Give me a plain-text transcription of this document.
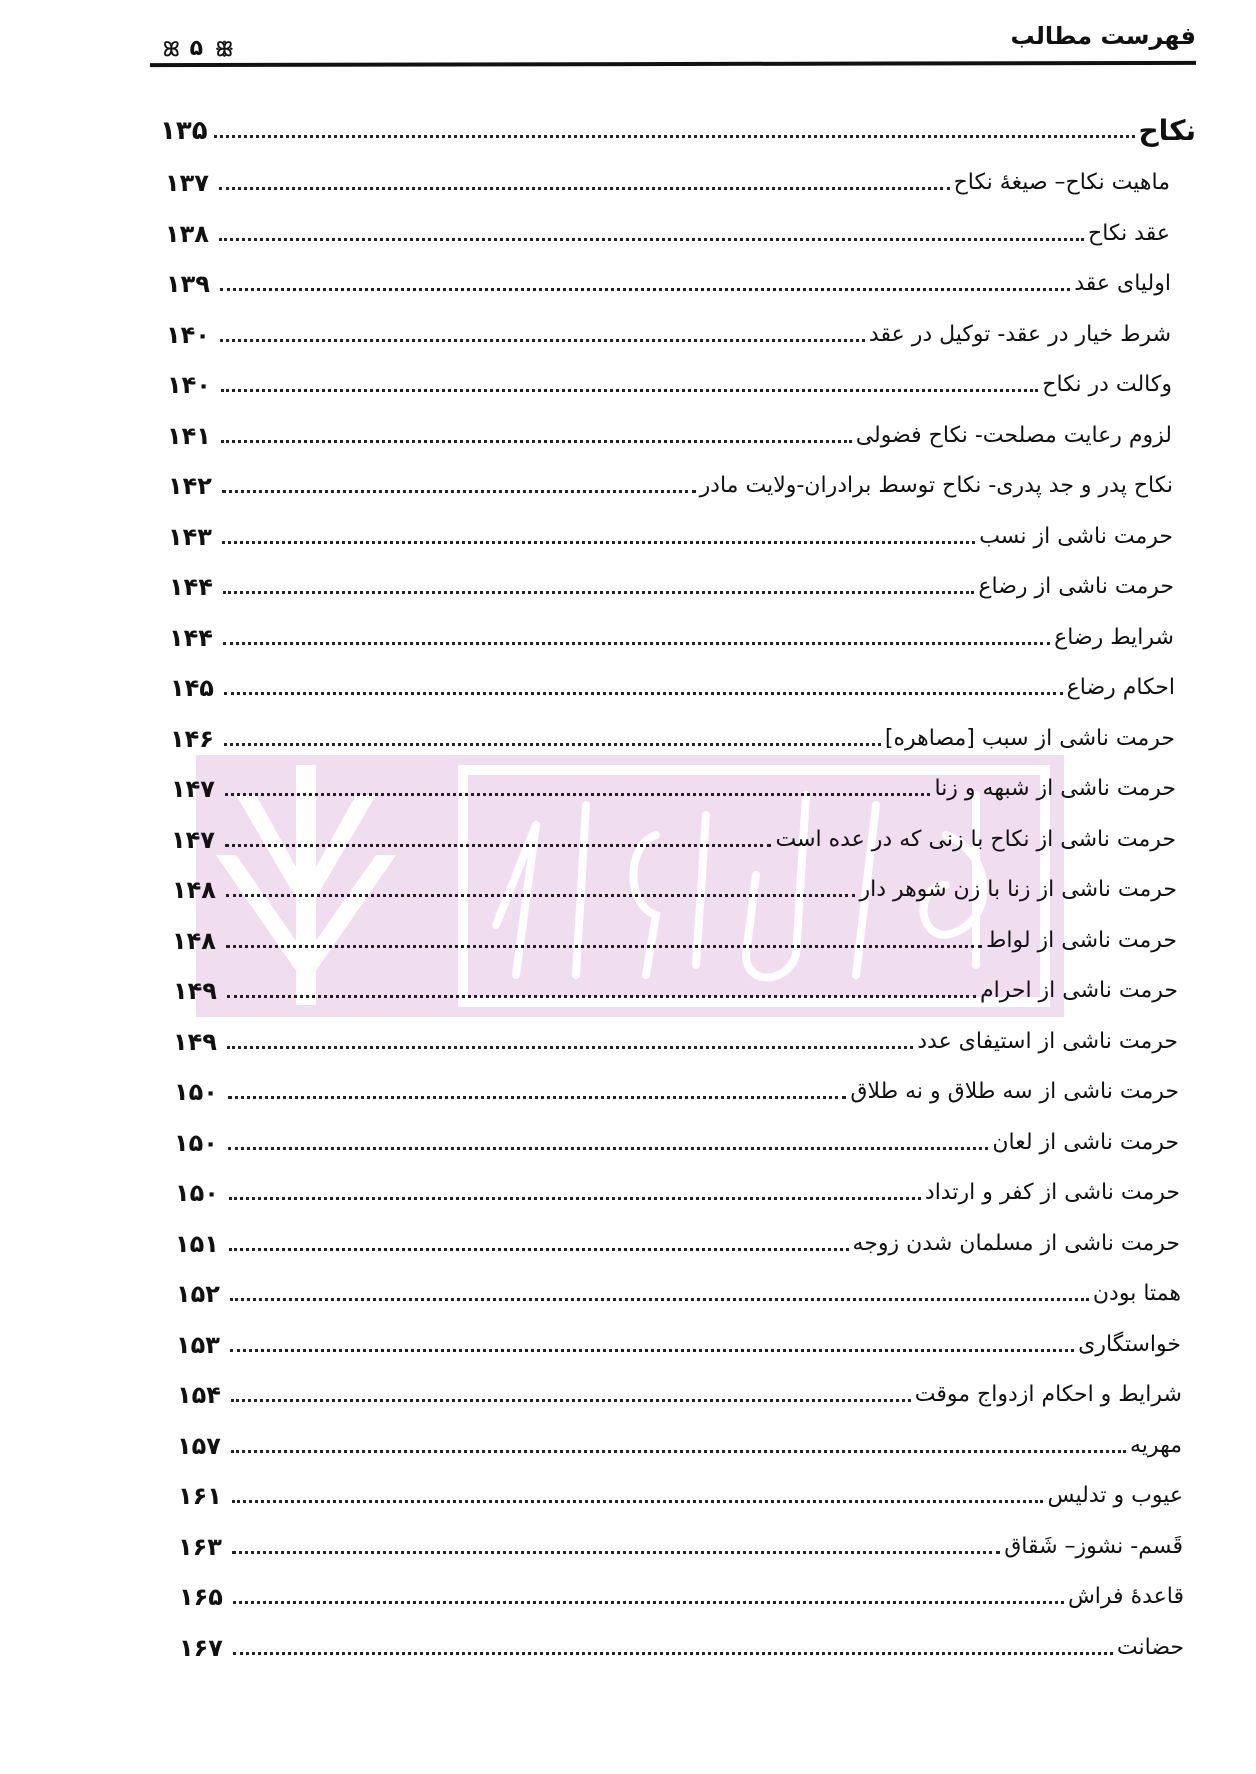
فهرست مطالب
ꕤ ۵ ꕥ
نکاح
۱۳۵
ماهیت نکاح– صیغهٔ نکاح
۱۳۷
عقد نکاح
۱۳۸
اولیای عقد
۱۳۹
شرط خیار در عقد- توکیل در عقد
۱۴۰
وکالت در نکاح
۱۴۰
لزوم رعایت مصلحت- نکاح فضولی
۱۴۱
نکاح پدر و جد پدری- نکاح توسط برادران-ولایت مادر
۱۴۲
حرمت ناشی از نسب
۱۴۳
حرمت ناشی از رضاع
۱۴۴
شرایط رضاع
۱۴۴
احکام رضاع
۱۴۵
حرمت ناشی از سبب [مصاهره]
۱۴۶
حرمت ناشی از شبهه و زنا
۱۴۷
حرمت ناشی از نکاح با زنی که در عده است
۱۴۷
حرمت ناشی از زنا با زن شوهر دار
۱۴۸
حرمت ناشی از لواط
۱۴۸
حرمت ناشی از احرام
۱۴۹
حرمت ناشی از استیفای عدد
۱۴۹
حرمت ناشی از سه طلاق و نه طلاق
۱۵۰
حرمت ناشی از لعان
۱۵۰
حرمت ناشی از کفر و ارتداد
۱۵۰
حرمت ناشی از مسلمان شدن زوجه
۱۵۱
همتا بودن
۱۵۲
خواستگاری
۱۵۳
شرایط و احکام ازدواج موقت
۱۵۴
مهریه
۱۵۷
عیوب و تدلیس
۱۶۱
قَسم- نشوز– شَقاق
۱۶۳
قاعدهٔ فراش
۱۶۵
حضانت
۱۶۷
